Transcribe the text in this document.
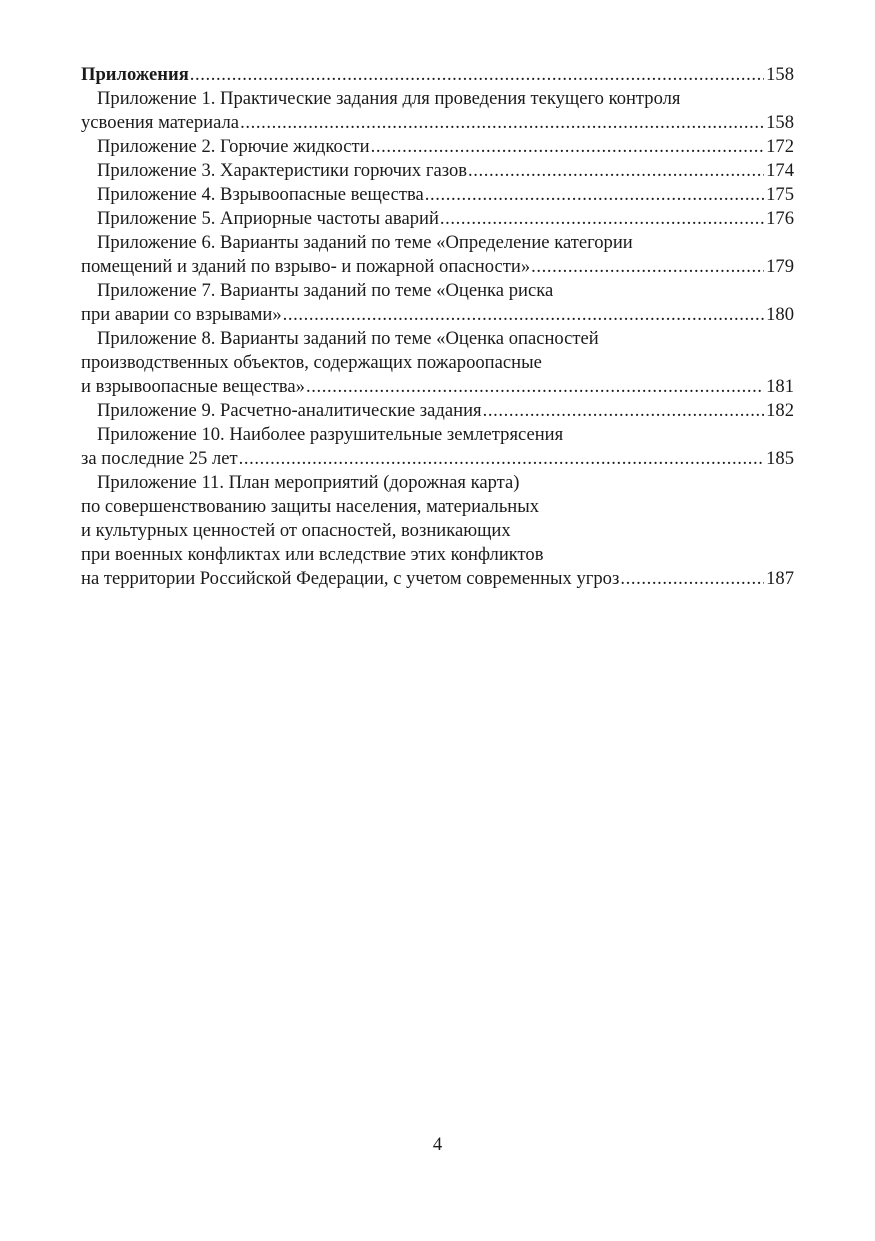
Приложения .....	158
Приложение 1. Практические задания для проведения текущего контроля
усвоения материала .....	158
Приложение 2. Горючие жидкости .....	172
Приложение 3. Характеристики горючих газов .....	174
Приложение 4. Взрывоопасные вещества .....	175
Приложение 5. Априорные частоты аварий .....	176
Приложение 6. Варианты заданий по теме «Определение категории
помещений и зданий по взрыво- и пожарной опасности» .....	179
Приложение 7. Варианты заданий по теме «Оценка риска
при аварии со взрывами» .....	180
Приложение 8. Варианты заданий по теме «Оценка опасностей
производственных объектов, содержащих пожароопасные
и взрывоопасные вещества» .....	181
Приложение 9. Расчетно-аналитические задания .....	182
Приложение 10. Наиболее разрушительные землетрясения
за последние 25 лет .....	185
Приложение 11. План мероприятий (дорожная карта)
по совершенствованию защиты населения, материальных
и культурных ценностей от опасностей, возникающих
при военных конфликтах или вследствие этих конфликтов
на территории Российской Федерации, с учетом современных угроз .....	187
4
